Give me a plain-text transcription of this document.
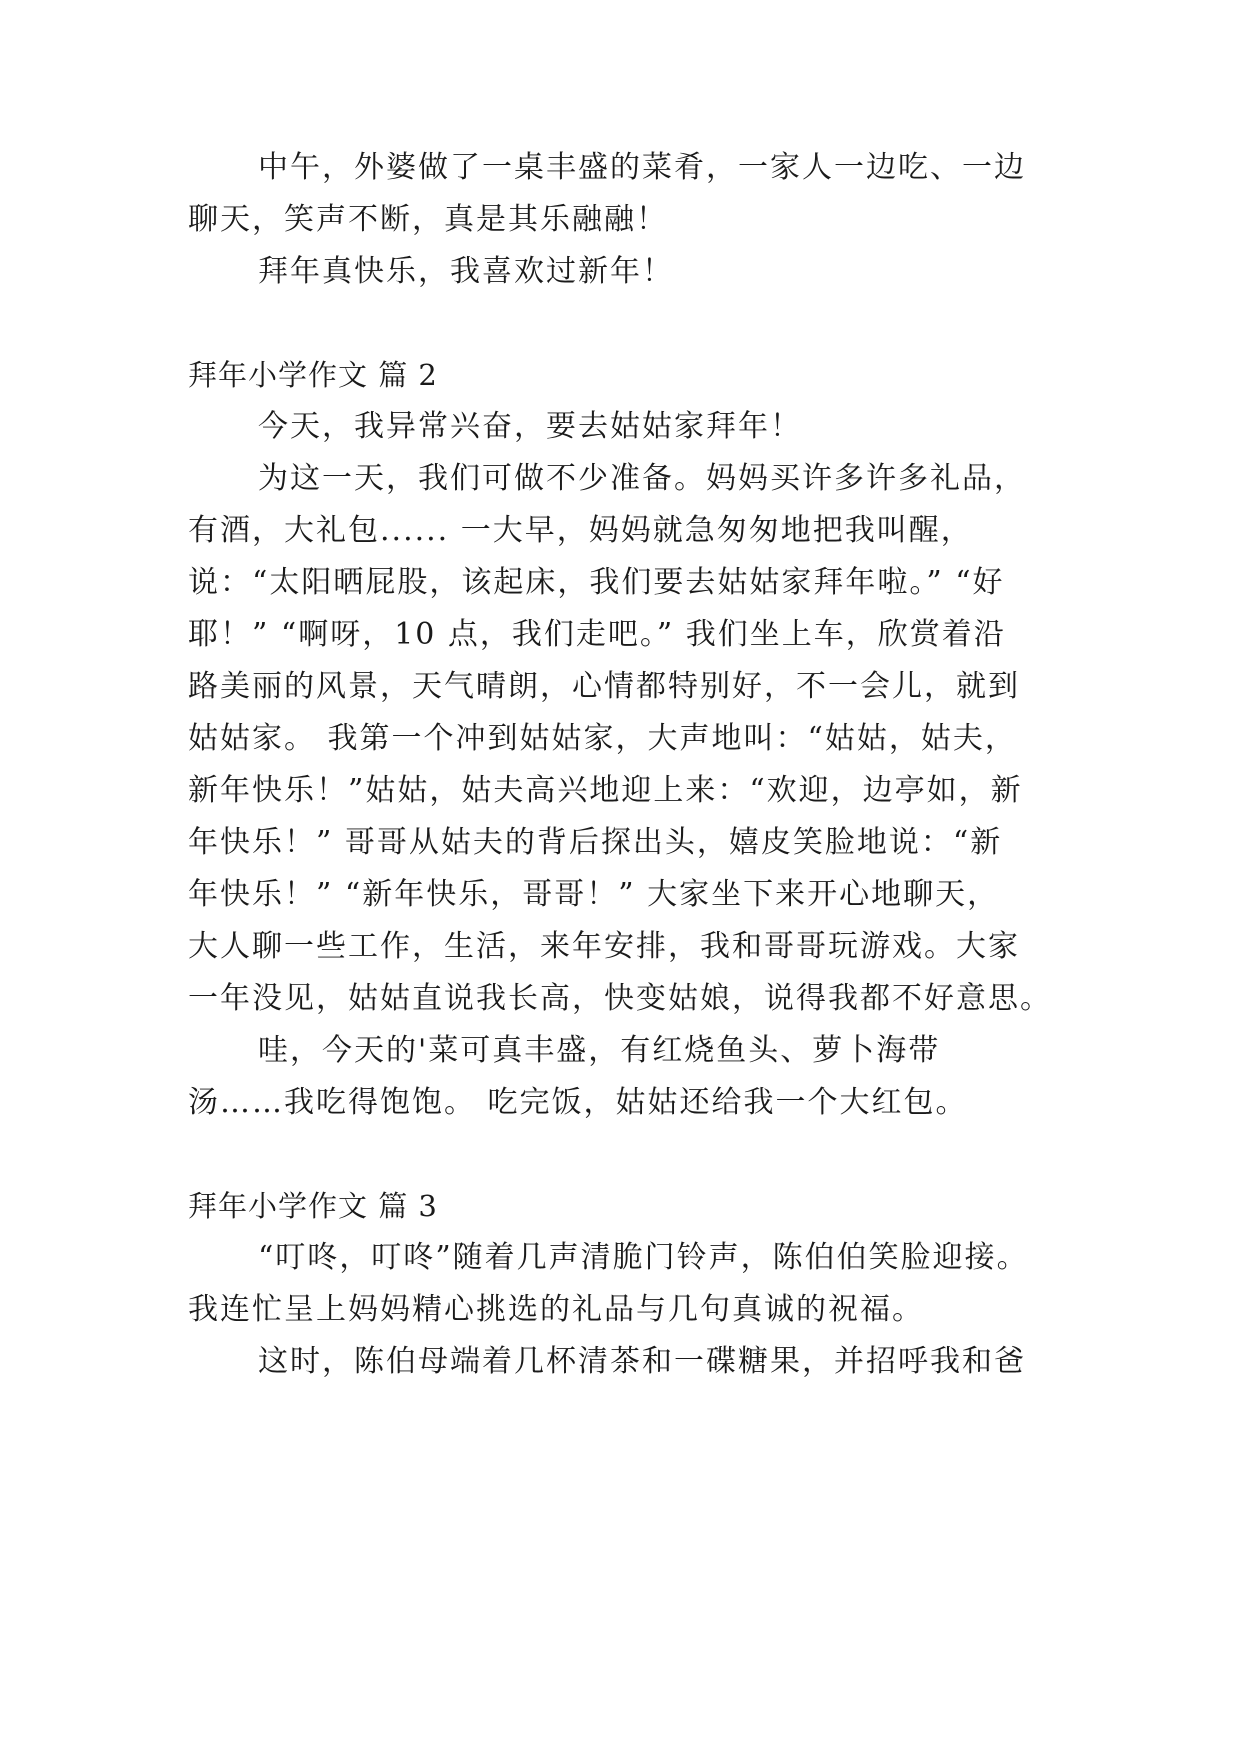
中午，外婆做了一桌丰盛的菜肴，一家人一边吃、一边
聊天，笑声不断，真是其乐融融！
拜年真快乐，我喜欢过新年！
拜年小学作文 篇 2
今天，我异常兴奋，要去姑姑家拜年！
为这一天，我们可做不少准备。妈妈买许多许多礼品，
有酒，大礼包...... 一大早，妈妈就急匆匆地把我叫醒，
说：“太阳晒屁股，该起床，我们要去姑姑家拜年啦。” “好
耶！” “啊呀，10 点，我们走吧。” 我们坐上车，欣赏着沿
路美丽的风景，天气晴朗，心情都特别好，不一会儿，就到
姑姑家。 我第一个冲到姑姑家，大声地叫：“姑姑，姑夫，
新年快乐！”姑姑，姑夫高兴地迎上来：“欢迎，边亭如，新
年快乐！” 哥哥从姑夫的背后探出头，嬉皮笑脸地说：“新
年快乐！” “新年快乐，哥哥！” 大家坐下来开心地聊天，
大人聊一些工作，生活，来年安排，我和哥哥玩游戏。大家
一年没见，姑姑直说我长高，快变姑娘，说得我都不好意思。
哇，今天的'菜可真丰盛，有红烧鱼头、萝卜海带
汤……我吃得饱饱。 吃完饭，姑姑还给我一个大红包。
拜年小学作文 篇 3
“叮咚，叮咚”随着几声清脆门铃声，陈伯伯笑脸迎接。
我连忙呈上妈妈精心挑选的礼品与几句真诚的祝福。
这时，陈伯母端着几杯清茶和一碟糖果，并招呼我和爸
